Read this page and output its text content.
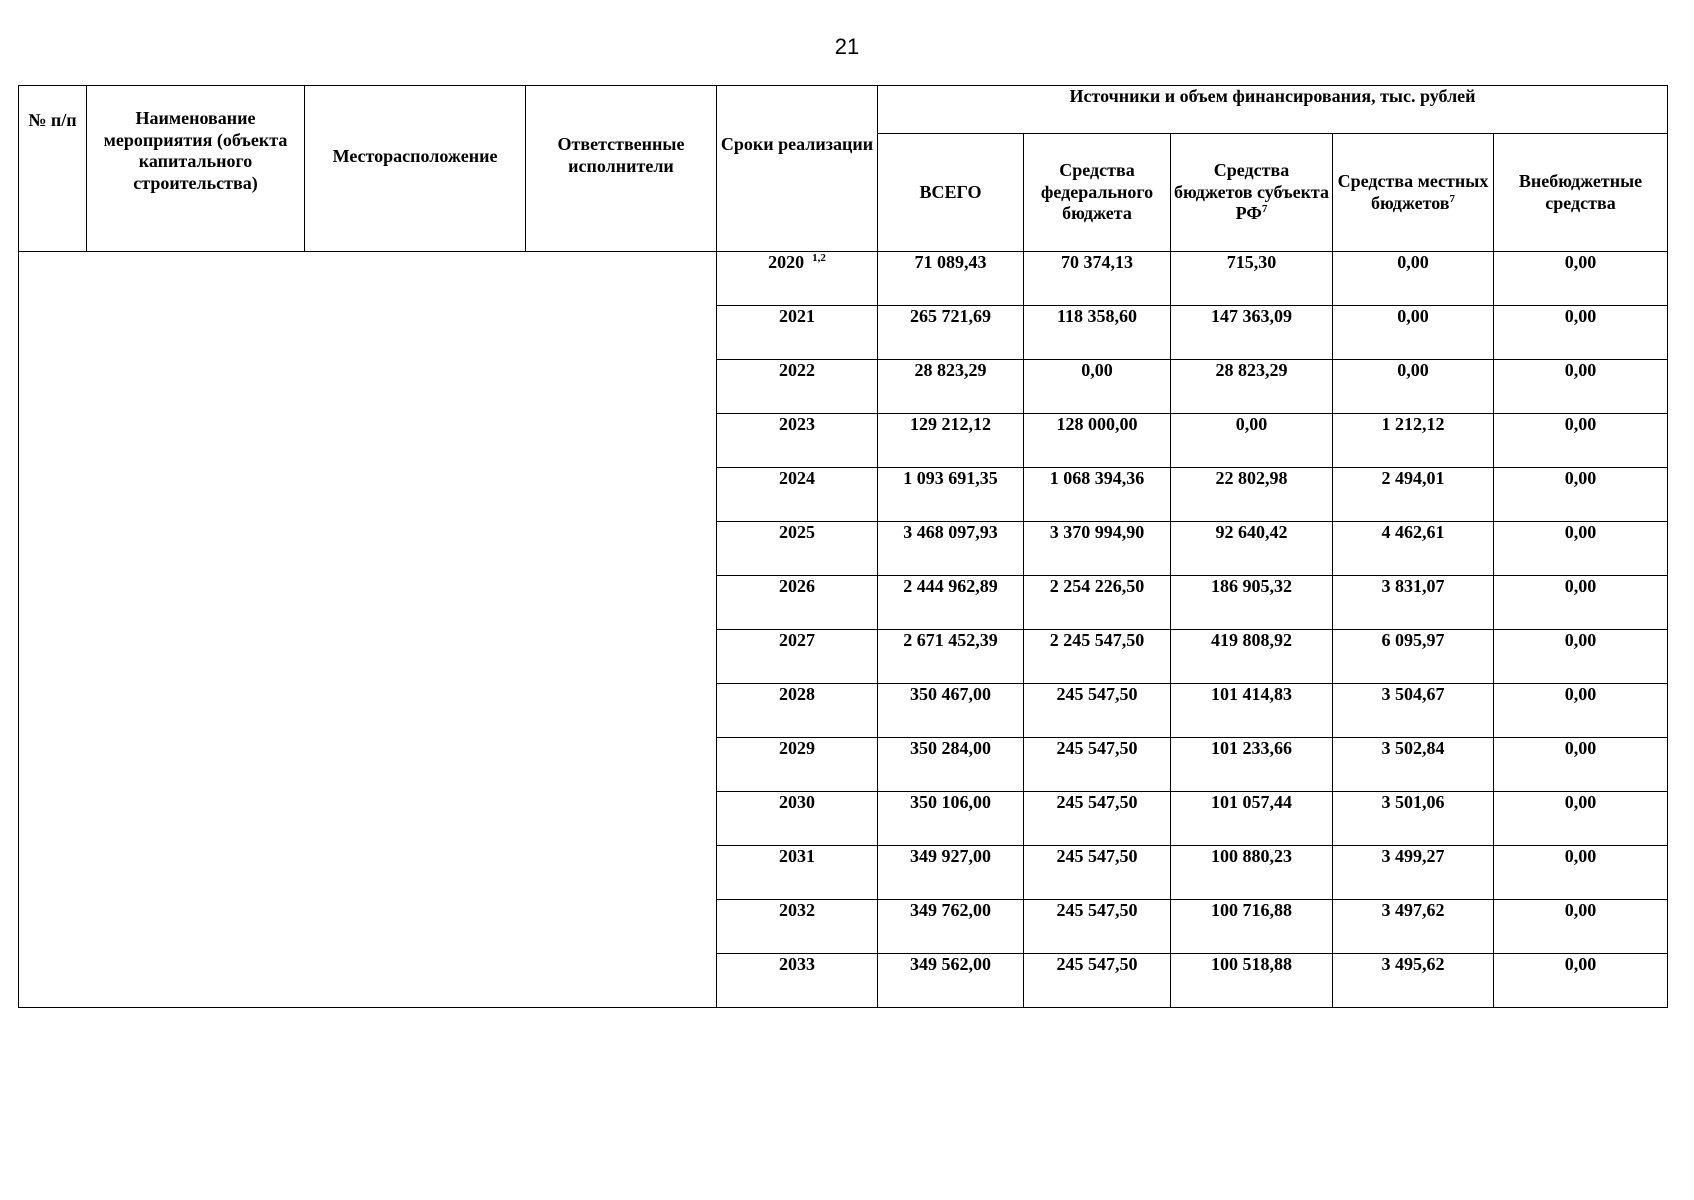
21
№ п/п	Наименование мероприятия (объекта капитального строительства)	Месторасположение	Ответственные исполнители	Сроки реализации	Источники и объем финансирования, тыс. рублей				
					ВСЕГО	Средства федерального бюджета	Средства бюджетов субъекта $РФ^7$	Средства местных бюджетов$^7$	Внебюджетные средства
				2020 $^{1,2}$	71 089,43	70 374,13	715,30	0,00	0,00
				2021	265 721,69	118 358,60	147 363,09	0,00	0,00
				2022	28 823,29	0,00	28 823,29	0,00	0,00
				2023	129 212,12	128 000,00	0,00	1 212,12	0,00
				2024	1 093 691,35	1 068 394,36	22 802,98	2 494,01	0,00
				2025	3 468 097,93	3 370 994,90	92 640,42	4 462,61	0,00
				2026	2 444 962,89	2 254 226,50	186 905,32	3 831,07	0,00
				2027	2 671 452,39	2 245 547,50	419 808,92	6 095,97	0,00
				2028	350 467,00	245 547,50	101 414,83	3 504,67	0,00
				2029	350 284,00	245 547,50	101 233,66	3 502,84	0,00
				2030	350 106,00	245 547,50	101 057,44	3 501,06	0,00
				2031	349 927,00	245 547,50	100 880,23	3 499,27	0,00
				2032	349 762,00	245 547,50	100 716,88	3 497,62	0,00
				2033	349 562,00	245 547,50	100 518,88	3 495,62	0,00
